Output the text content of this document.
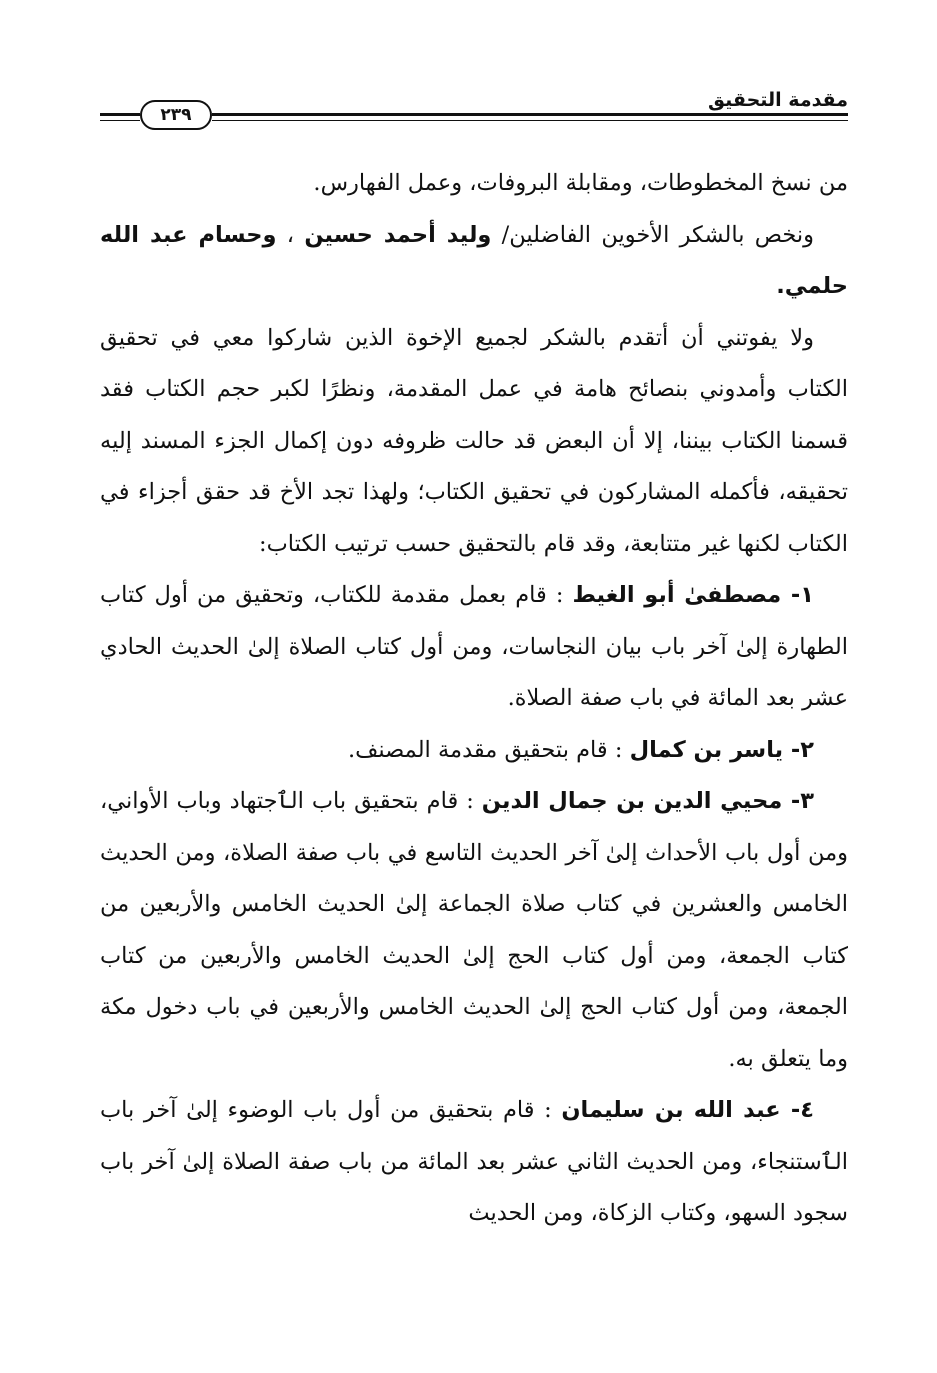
مقدمة التحقيق
٢٣٩

من نسخ المخطوطات، ومقابلة البروفات، وعمل الفهارس.

ونخص بالشكر الأخوين الفاضلين/ وليد أحمد حسين ، وحسام عبد الله حلمي.

ولا يفوتني أن أتقدم بالشكر لجميع الإخوة الذين شاركوا معي في تحقيق الكتاب وأمدوني بنصائح هامة في عمل المقدمة، ونظرًا لكبر حجم الكتاب فقد قسمنا الكتاب بيننا، إلا أن البعض قد حالت ظروفه دون إكمال الجزء المسند إليه تحقيقه، فأكمله المشاركون في تحقيق الكتاب؛ ولهذا تجد الأخ قد حقق أجزاء في الكتاب لكنها غير متتابعة، وقد قام بالتحقيق حسب ترتيب الكتاب:

١- مصطفىٰ أبو الغيط : قام بعمل مقدمة للكتاب، وتحقيق من أول كتاب الطهارة إلىٰ آخر باب بيان النجاسات، ومن أول كتاب الصلاة إلىٰ الحديث الحادي عشر بعد المائة في باب صفة الصلاة.

٢- ياسر بن كمال : قام بتحقيق مقدمة المصنف.

٣- محيي الدين بن جمال الدين : قام بتحقيق باب الٱجتهاد وباب الأواني، ومن أول باب الأحداث إلىٰ آخر الحديث التاسع في باب صفة الصلاة، ومن الحديث الخامس والعشرين في كتاب صلاة الجماعة إلىٰ الحديث الخامس والأربعين من كتاب الجمعة، ومن أول كتاب الحج إلىٰ الحديث الخامس والأربعين من كتاب الجمعة، ومن أول كتاب الحج إلىٰ الحديث الخامس والأربعين في باب دخول مكة وما يتعلق به.

٤- عبد الله بن سليمان : قام بتحقيق من أول باب الوضوء إلىٰ آخر باب الٱستنجاء، ومن الحديث الثاني عشر بعد المائة من باب صفة الصلاة إلىٰ آخر باب سجود السهو، وكتاب الزكاة، ومن الحديث
